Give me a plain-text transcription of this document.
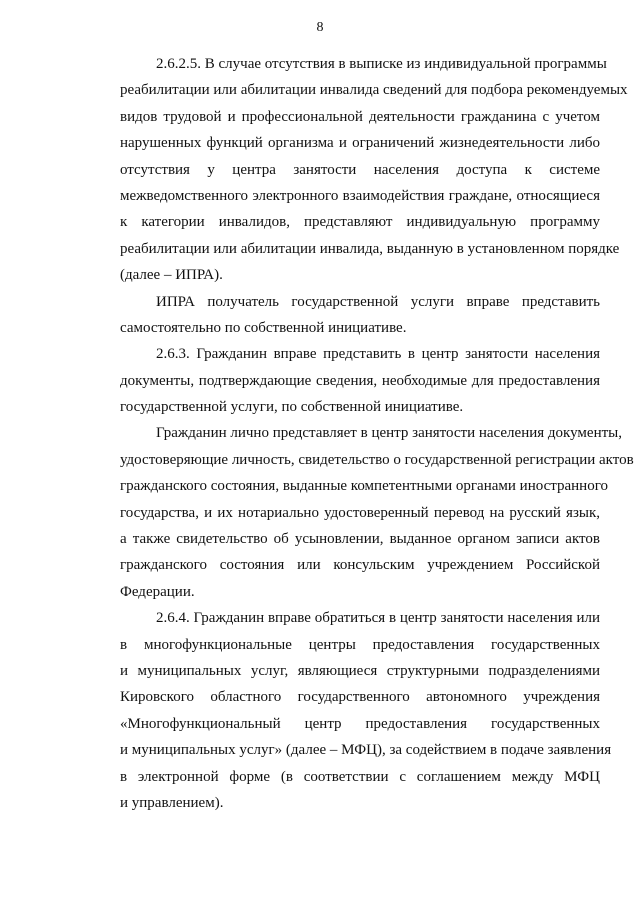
8
2.6.2.5. В случае отсутствия в выписке из индивидуальной программы
реабилитации или абилитации инвалида сведений для подбора рекомендуемых
видов трудовой и профессиональной деятельности гражданина с учетом
нарушенных функций организма и ограничений жизнедеятельности либо
отсутствия у центра занятости населения доступа к системе
межведомственного электронного взаимодействия граждане, относящиеся
к категории инвалидов, представляют индивидуальную программу
реабилитации или абилитации инвалида, выданную в установленном порядке
(далее – ИПРА).
ИПРА получатель государственной услуги вправе представить
самостоятельно по собственной инициативе.
2.6.3. Гражданин вправе представить в центр занятости населения
документы, подтверждающие сведения, необходимые для предоставления
государственной услуги, по собственной инициативе.
Гражданин лично представляет в центр занятости населения документы,
удостоверяющие личность, свидетельство о государственной регистрации актов
гражданского состояния, выданные компетентными органами иностранного
государства, и их нотариально удостоверенный перевод на русский язык,
а также свидетельство об усыновлении, выданное органом записи актов
гражданского состояния или консульским учреждением Российской
Федерации.
2.6.4. Гражданин вправе обратиться в центр занятости населения или
в многофункциональные центры предоставления государственных
и муниципальных услуг, являющиеся структурными подразделениями
Кировского областного государственного автономного учреждения
«Многофункциональный центр предоставления государственных
и муниципальных услуг» (далее – МФЦ), за содействием в подаче заявления
в электронной форме (в соответствии с соглашением между МФЦ
и управлением).
